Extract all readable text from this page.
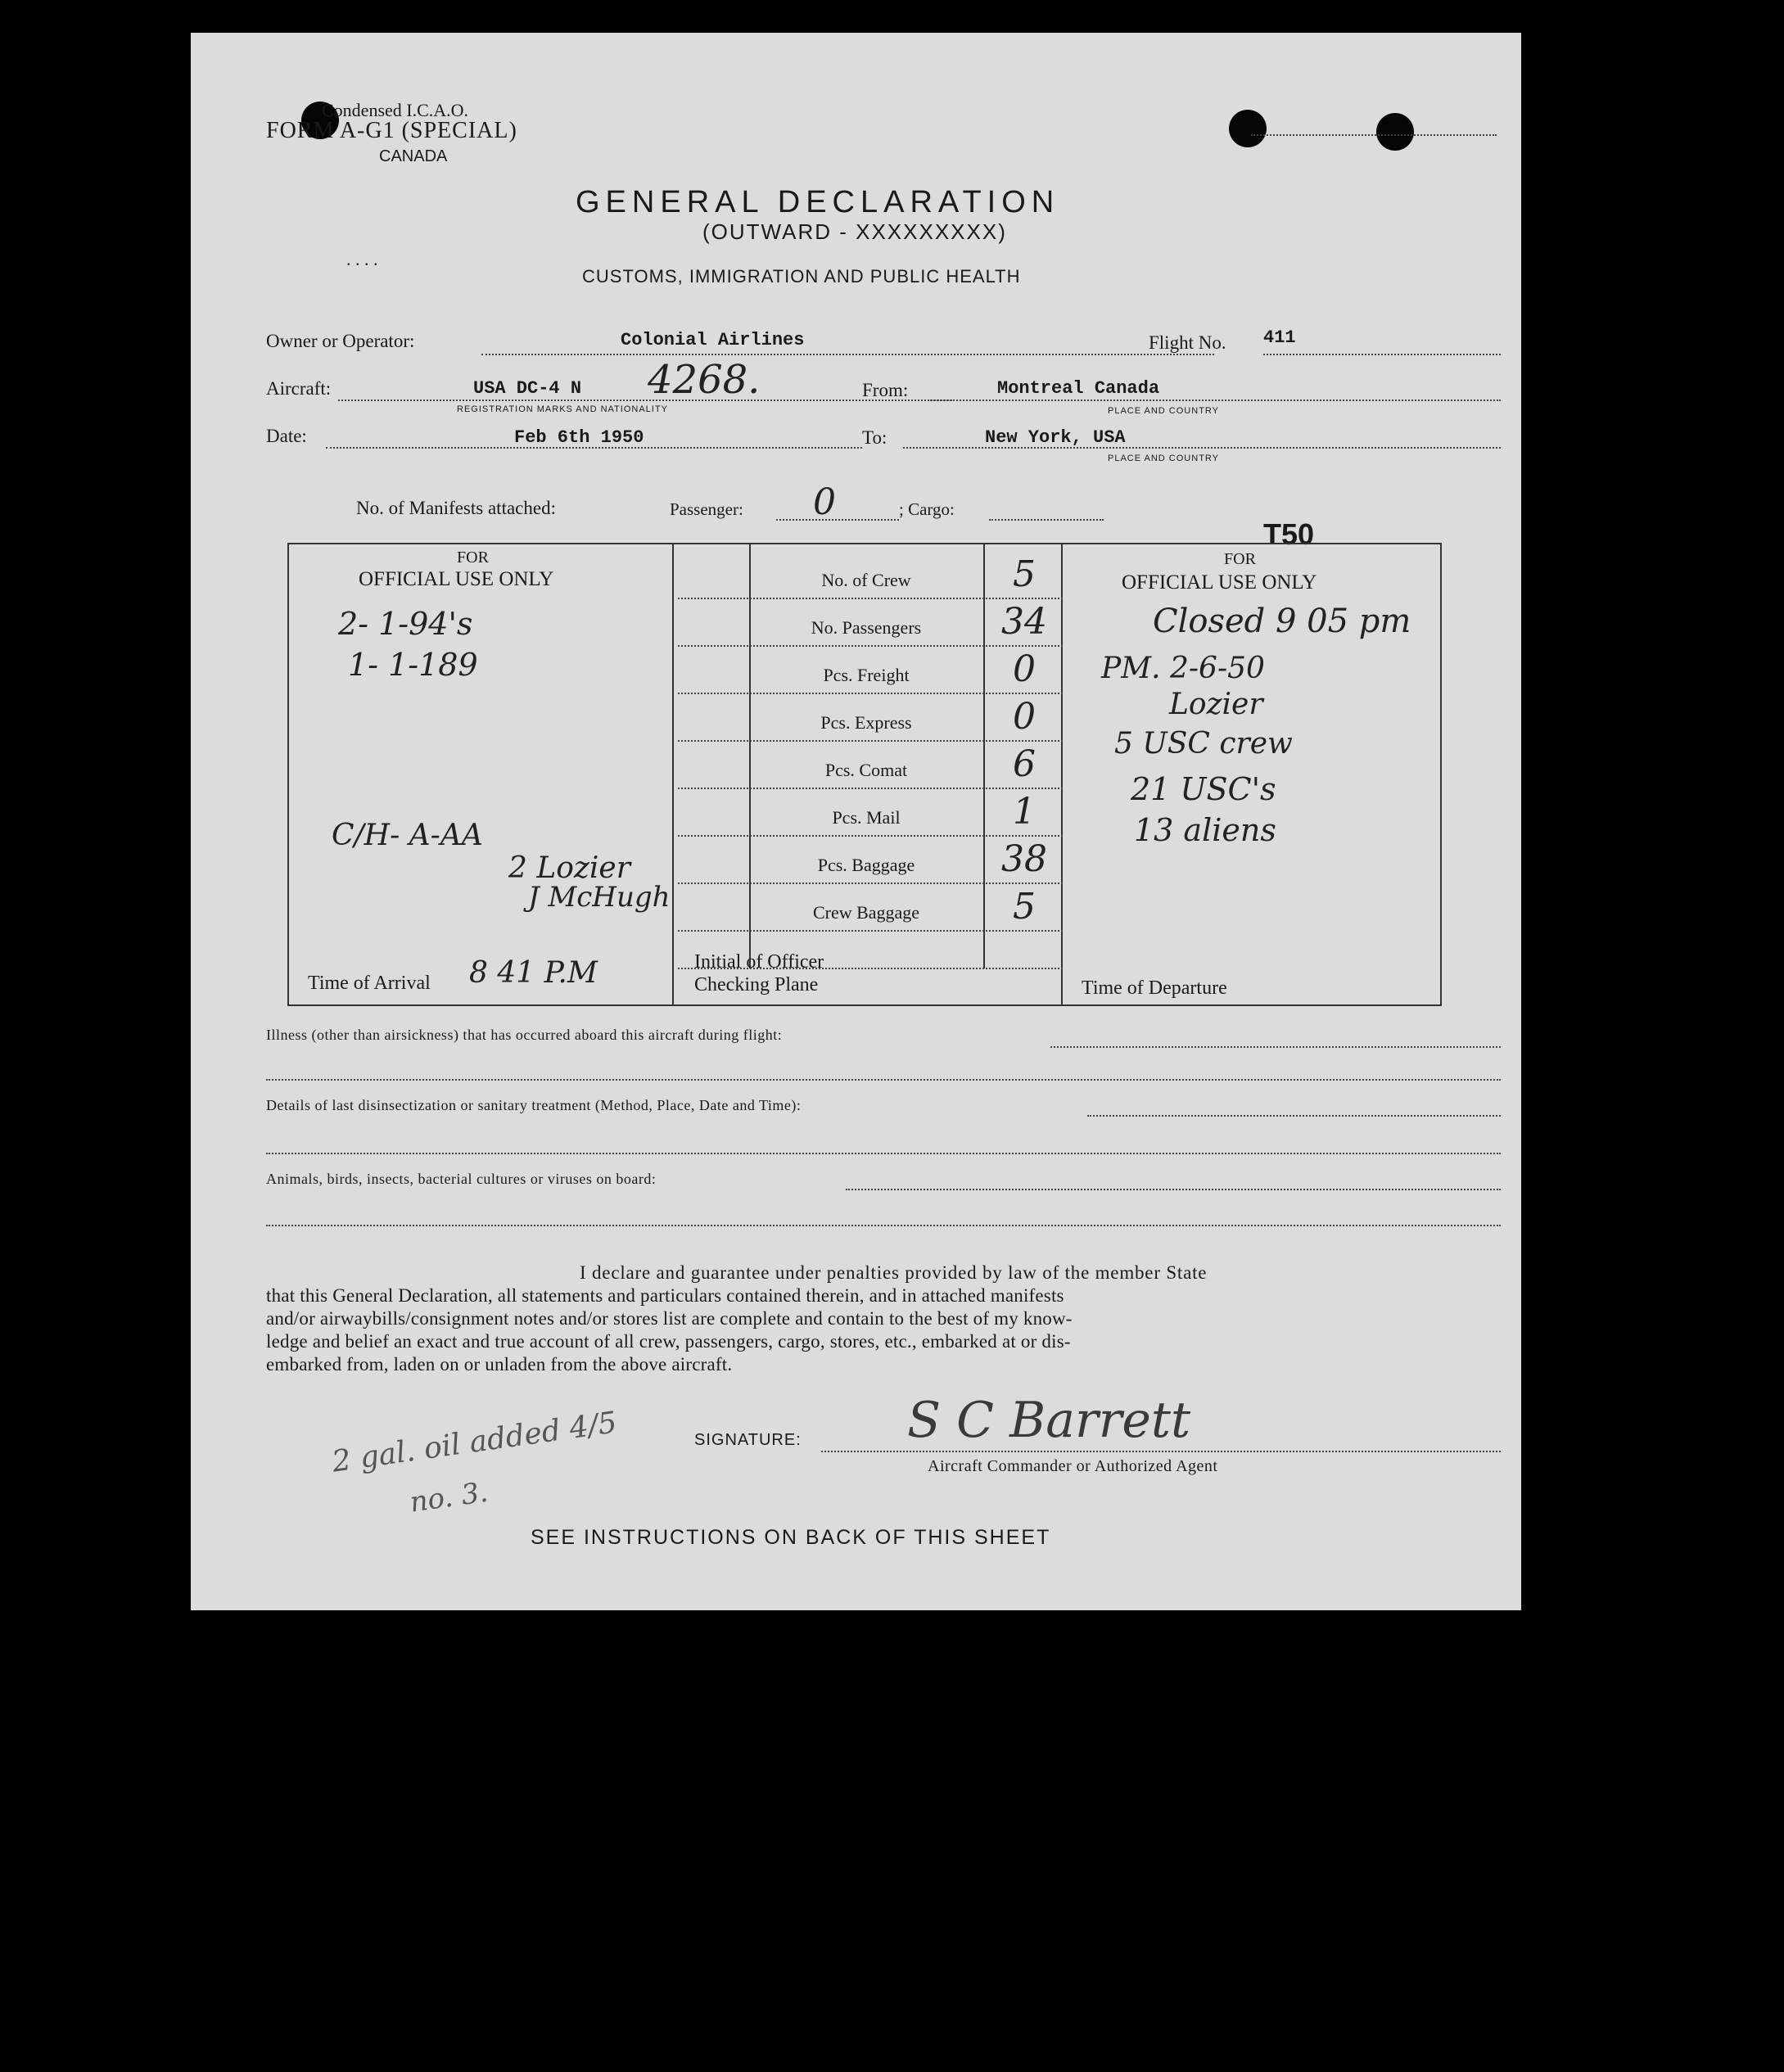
Condensed I.C.A.O.
FORM A-G1 (SPECIAL)
CANADA
GENERAL DECLARATION
(OUTWARD - XXXXXXXXX)
. . . .
CUSTOMS, IMMIGRATION AND PUBLIC HEALTH
Owner or Operator:	Colonial Airlines	Flight No. 411
Aircraft:	USA DC-4 N 4268.
REGISTRATION MARKS AND NATIONALITY
From:	Montreal Canada
PLACE AND COUNTRY
Date:	Feb 6th 1950	To:	New York, USA
PLACE AND COUNTRY
No. of Manifests attached:	Passenger: 0	; Cargo:
T50
FOR
OFFICIAL USE ONLY
2- 1-94's
1- 1-189
C/H- A-AA
2 Lozier
J McHugh
Time of Arrival 8 41 P.M	Initial of Officer
Checking Plane
No. of Crew	5
No. Passengers	34
Pcs. Freight	0
Pcs. Express	0
Pcs. Comat	6
Pcs. Mail	1
Pcs. Baggage	38
Crew Baggage	5
FOR
OFFICIAL USE ONLY
Closed 9 05 pm
PM. 2-6-50
Lozier
5 USC crew
21 USC's
13 aliens
Time of Departure
Illness (other than airsickness) that has occurred aboard this aircraft during flight:
Details of last disinsectization or sanitary treatment (Method, Place, Date and Time):
Animals, birds, insects, bacterial cultures or viruses on board:
I declare and guarantee under penalties provided by law of the member State
that this General Declaration, all statements and particulars contained therein, and in attached manifests
and/or airwaybills/consignment notes and/or stores list are complete and contain to the best of my know-
ledge and belief an exact and true account of all crew, passengers, cargo, stores, etc., embarked at or dis-
embarked from, laden on or unladen from the above aircraft.
SIGNATURE: S C Barrett
Aircraft Commander or Authorized Agent
2 gal. oil added 4/5
no. 3.
SEE INSTRUCTIONS ON BACK OF THIS SHEET
